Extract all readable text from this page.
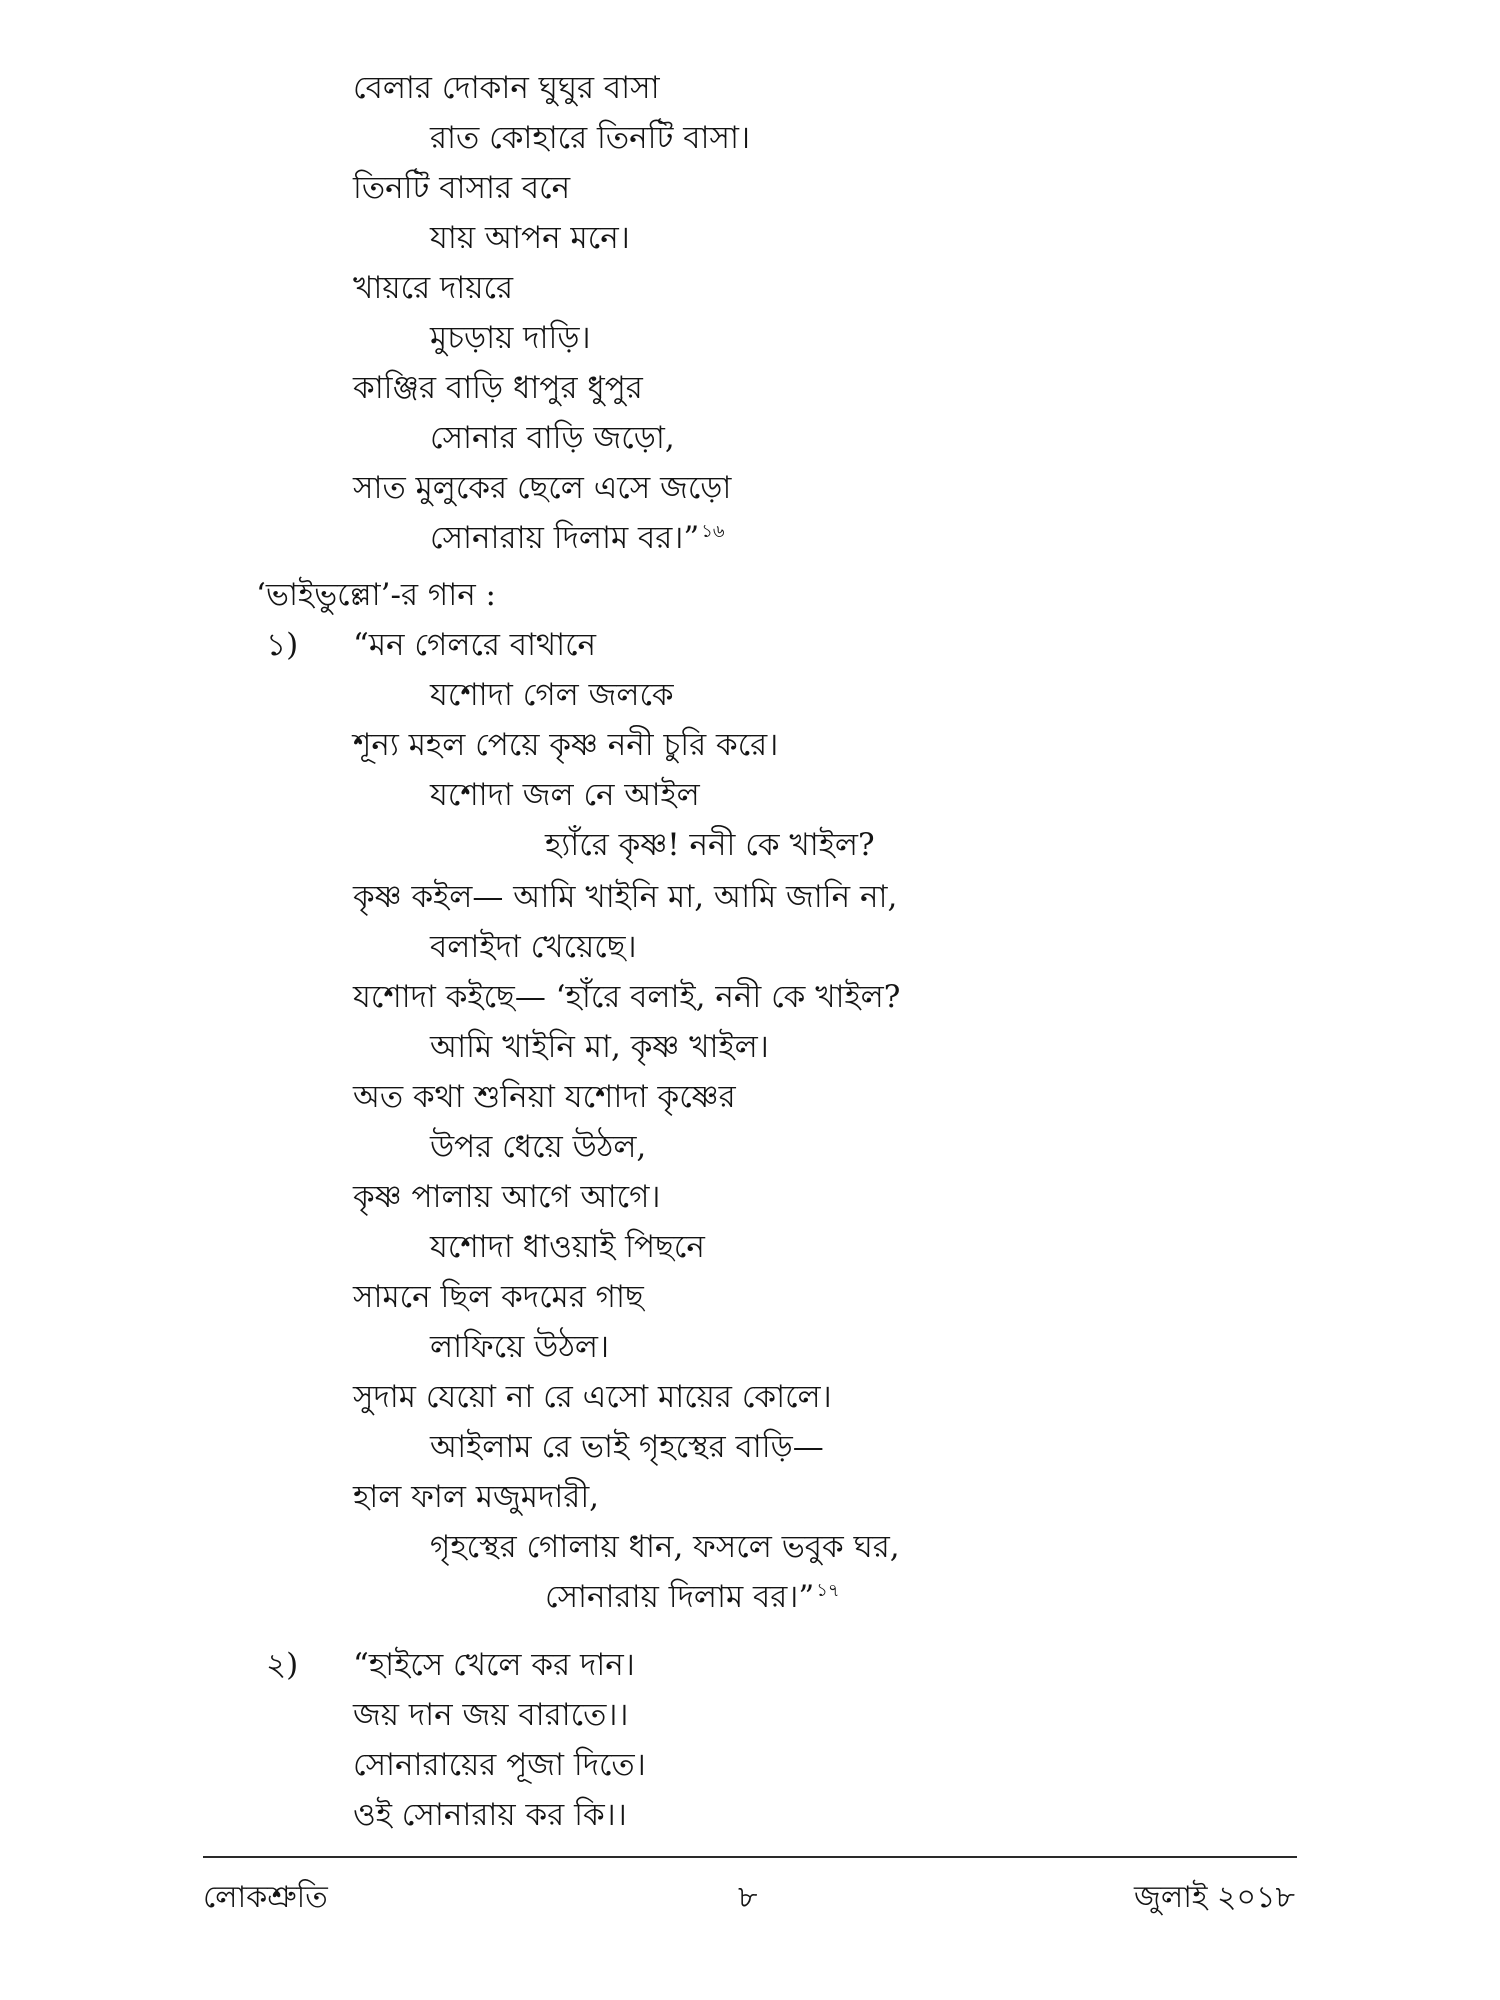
বেলার দোকান ঘুঘুর বাসা
রাত কোহারে তিনটি বাসা।
তিনটি বাসার বনে
যায় আপন মনে।
খায়রে দায়রে
মুচড়ায় দাড়ি।
কাঞ্জির বাড়ি ধাপুর ধুপুর
সোনার বাড়ি জড়ো,
সাত মুলুকের ছেলে এসে জড়ো
সোনারায় দিলাম বর।” $^{১৬}$
‘ভাইভুল্লো’-র গান :
১) “মন গেলরে বাথানে
যশোদা গেল জলকে
শূন্য মহল পেয়ে কৃষ্ণ ননী চুরি করে।
যশোদা জল নে আইল
হ্যাঁরে কৃষ্ণ! ননী কে খাইল?
কৃষ্ণ কইল— আমি খাইনি মা, আমি জানি না,
বলাইদা খেয়েছে।
যশোদা কইছে— ‘হাঁরে বলাই, ননী কে খাইল?
আমি খাইনি মা, কৃষ্ণ খাইল।
অত কথা শুনিয়া যশোদা কৃষ্ণের
উপর ধেয়ে উঠল,
কৃষ্ণ পালায় আগে আগে।
যশোদা ধাওয়াই পিছনে
সামনে ছিল কদমের গাছ
লাফিয়ে উঠল।
সুদাম যেয়ো না রে এসো মায়ের কোলে।
আইলাম রে ভাই গৃহস্থের বাড়ি—
হাল ফাল মজুমদারী,
গৃহস্থের গোলায় ধান, ফসলে ভবুক ঘর,
সোনারায় দিলাম বর।” $^{১৭}$
২) “হাইসে খেলে কর দান।
জয় দান জয় বারাতে।।
সোনারায়ের পূজা দিতে।
ওই সোনারায় কর কি।।
লোকশ্রুতি	৮	জুলাই ২০১৮
